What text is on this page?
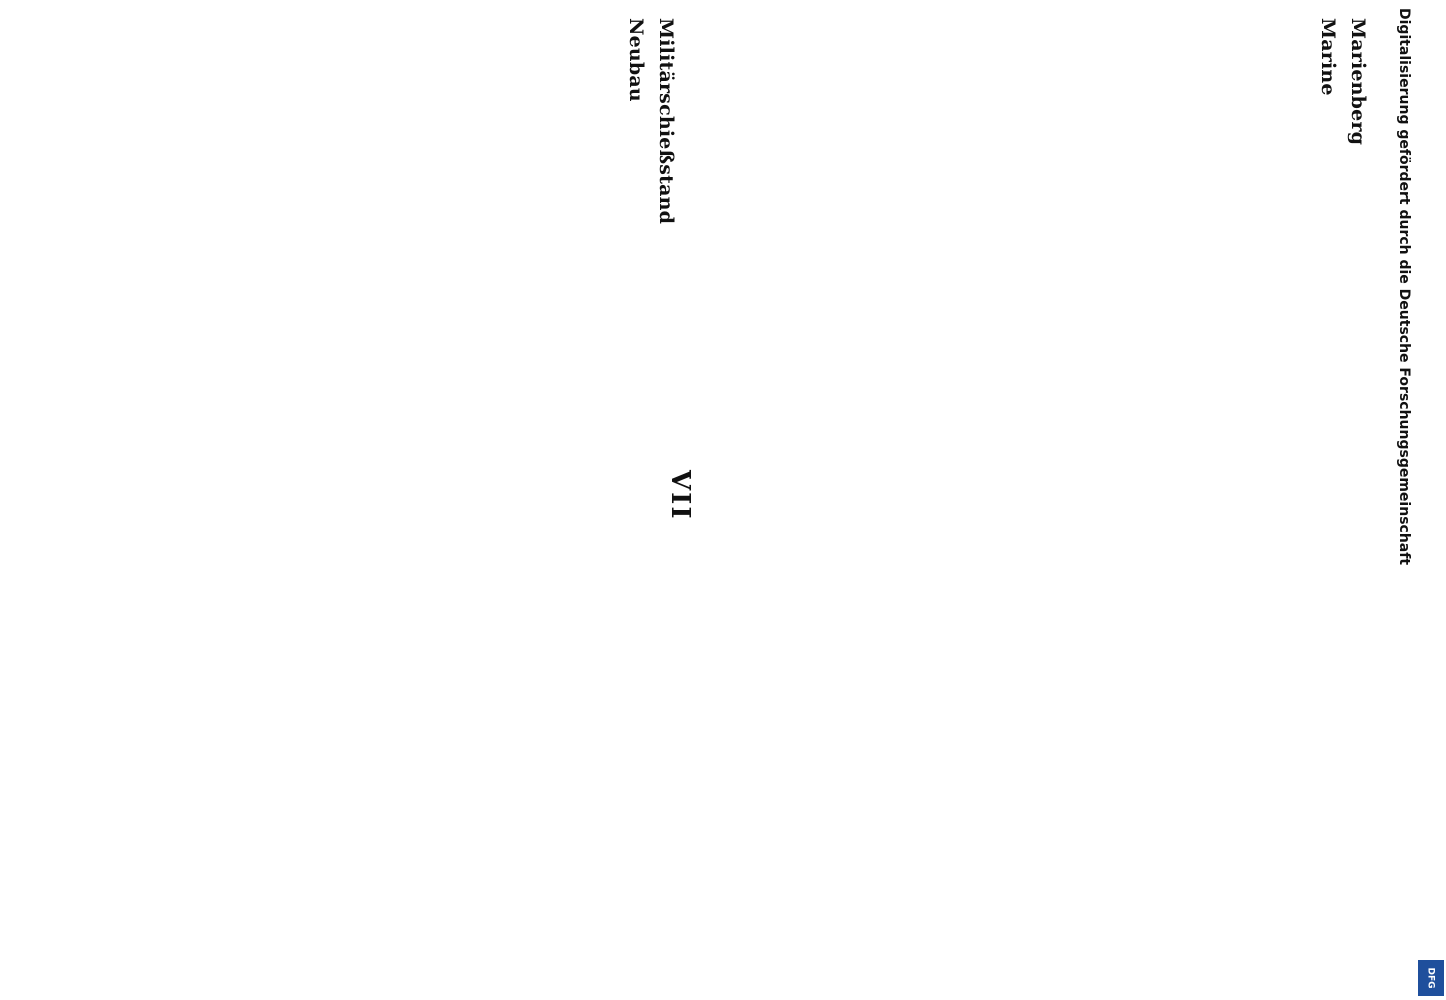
VII
Marienberg
Marine
Militärschießstand
Neubau	Digitalisierung gefördert durch die Deutsche Forschungsgemeinschaft
DFG
